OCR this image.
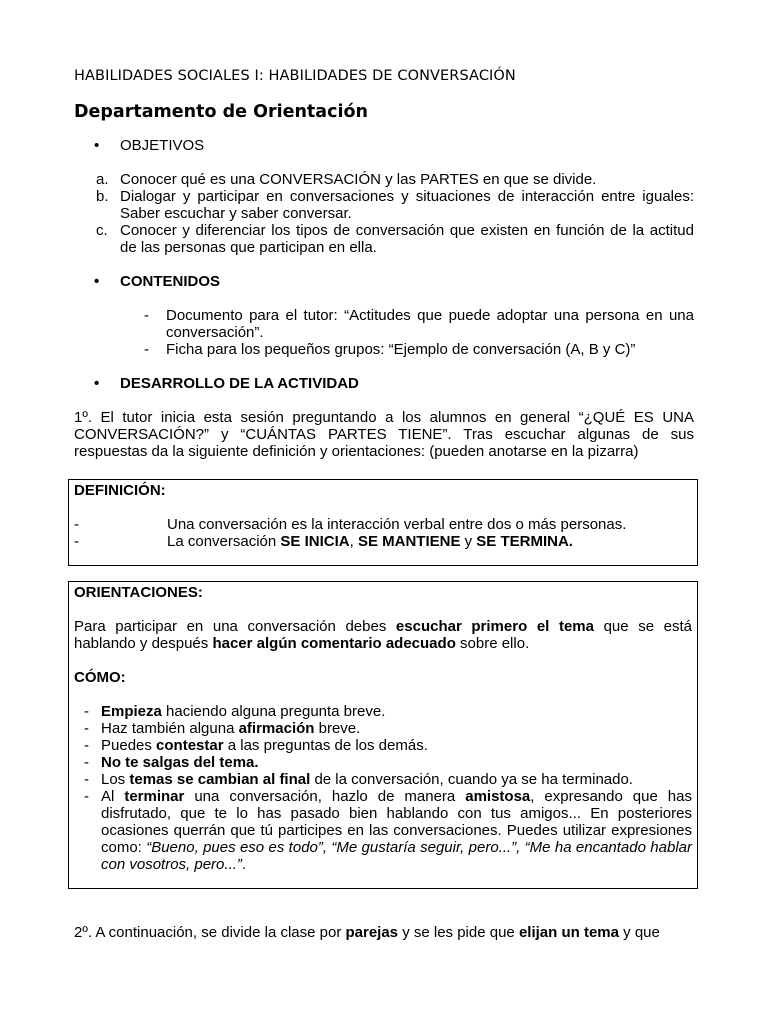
HABILIDADES SOCIALES I: HABILIDADES DE CONVERSACIÓN

Departamento de Orientación

• OBJETIVOS
a. Conocer qué es una CONVERSACIÓN y las PARTES en que se divide.
b. Dialogar y participar en conversaciones y situaciones de interacción entre iguales: Saber escuchar y saber conversar.
c. Conocer y diferenciar los tipos de conversación que existen en función de la actitud de las personas que participan en ella.
• CONTENIDOS
- Documento para el tutor: “Actitudes que puede adoptar una persona en una conversación”.
- Ficha para los pequeños grupos: “Ejemplo de conversación (A, B y C)”
• DESARROLLO DE LA ACTIVIDAD
1º. El tutor inicia esta sesión preguntando a los alumnos en general “¿QUÉ ES UNA CONVERSACIÓN?” y “CUÁNTAS PARTES TIENE”. Tras escuchar algunas de sus respuestas da la siguiente definición y orientaciones: (pueden anotarse en la pizarra)
DEFINICIÓN:
-	Una conversación es la interacción verbal entre dos o más personas.
-	La conversación SE INICIA, SE MANTIENE y SE TERMINA.
ORIENTACIONES:
Para participar en una conversación debes escuchar primero el tema que se está hablando y después hacer algún comentario adecuado sobre ello.
CÓMO:
- Empieza haciendo alguna pregunta breve.
- Haz también alguna afirmación breve.
- Puedes contestar a las preguntas de los demás.
- No te salgas del tema.
- Los temas se cambian al final de la conversación, cuando ya se ha terminado.
- Al terminar una conversación, hazlo de manera amistosa, expresando que has disfrutado, que te lo has pasado bien hablando con tus amigos... En posteriores ocasiones querrán que tú participes en las conversaciones. Puedes utilizar expresiones como: “Bueno, pues eso es todo”, “Me gustaría seguir, pero...”, “Me ha encantado hablar con vosotros, pero...”.
2º. A continuación, se divide la clase por parejas y se les pide que elijan un tema y que
